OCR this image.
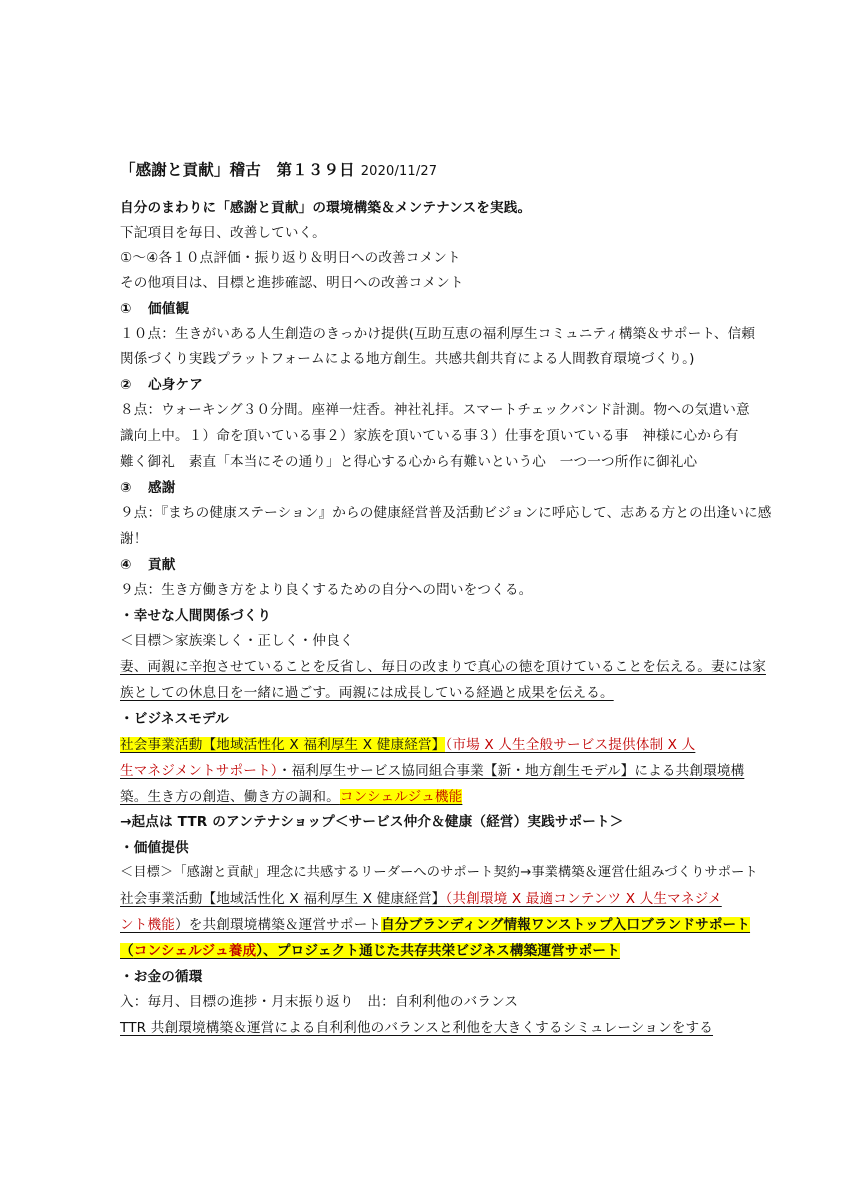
「感謝と貢献」稽古　第１３９日 2020/11/27
自分のまわりに「感謝と貢献」の環境構築＆メンテナンスを実践。
下記項目を毎日、改善していく。
①～④各１０点評価・振り返り＆明日への改善コメント
その他項目は、目標と進捗確認、明日への改善コメント
① 価値観
１０点：生きがいある人生創造のきっかけ提供(互助互恵の福利厚生コミュニティ構築＆サポート、信頼
関係づくり実践プラットフォームによる地方創生。共感共創共育による人間教育環境づくり。)
② 心身ケア
８点：ウォーキング３０分間。座禅一炷香。神社礼拝。スマートチェックバンド計測。物への気遣い意
識向上中。１）命を頂いている事２）家族を頂いている事３）仕事を頂いている事　神様に心から有
難く御礼　素直「本当にその通り」と得心する心から有難いという心　一つ一つ所作に御礼心
③ 感謝
９点：『まちの健康ステーション』からの健康経営普及活動ビジョンに呼応して、志ある方との出逢いに感
謝！
④ 貢献
９点：生き方働き方をより良くするための自分への問いをつくる。
・幸せな人間関係づくり
＜目標＞家族楽しく・正しく・仲良く
妻、両親に辛抱させていることを反省し、毎日の改まりで真心の徳を頂けていることを伝える。妻には家
族としての休息日を一緒に過ごす。両親には成長している経過と成果を伝える。
・ビジネスモデル
社会事業活動【地域活性化 X 福利厚生 X 健康経営】（市場 X 人生全般サービス提供体制 X 人
生マネジメントサポート）・福利厚生サービス協同組合事業【新・地方創生モデル】による共創環境構
築。生き方の創造、働き方の調和。コンシェルジュ機能
→起点は TTR のアンテナショップ＜サービス仲介＆健康（経営）実践サポート＞
・価値提供
＜目標＞「感謝と貢献」理念に共感するリーダーへのサポート契約→事業構築＆運営仕組みづくりサポート
社会事業活動【地域活性化 X 福利厚生 X 健康経営】（共創環境 X 最適コンテンツ X 人生マネジメ
ント機能）を共創環境構築＆運営サポート自分ブランディング情報ワンストップ入口ブランドサポート
（コンシェルジュ養成）、プロジェクト通じた共存共栄ビジネス構築運営サポート
・お金の循環
入：毎月、目標の進捗・月末振り返り　出：自利利他のバランス
TTR 共創環境構築＆運営による自利利他のバランスと利他を大きくするシミュレーションをする
